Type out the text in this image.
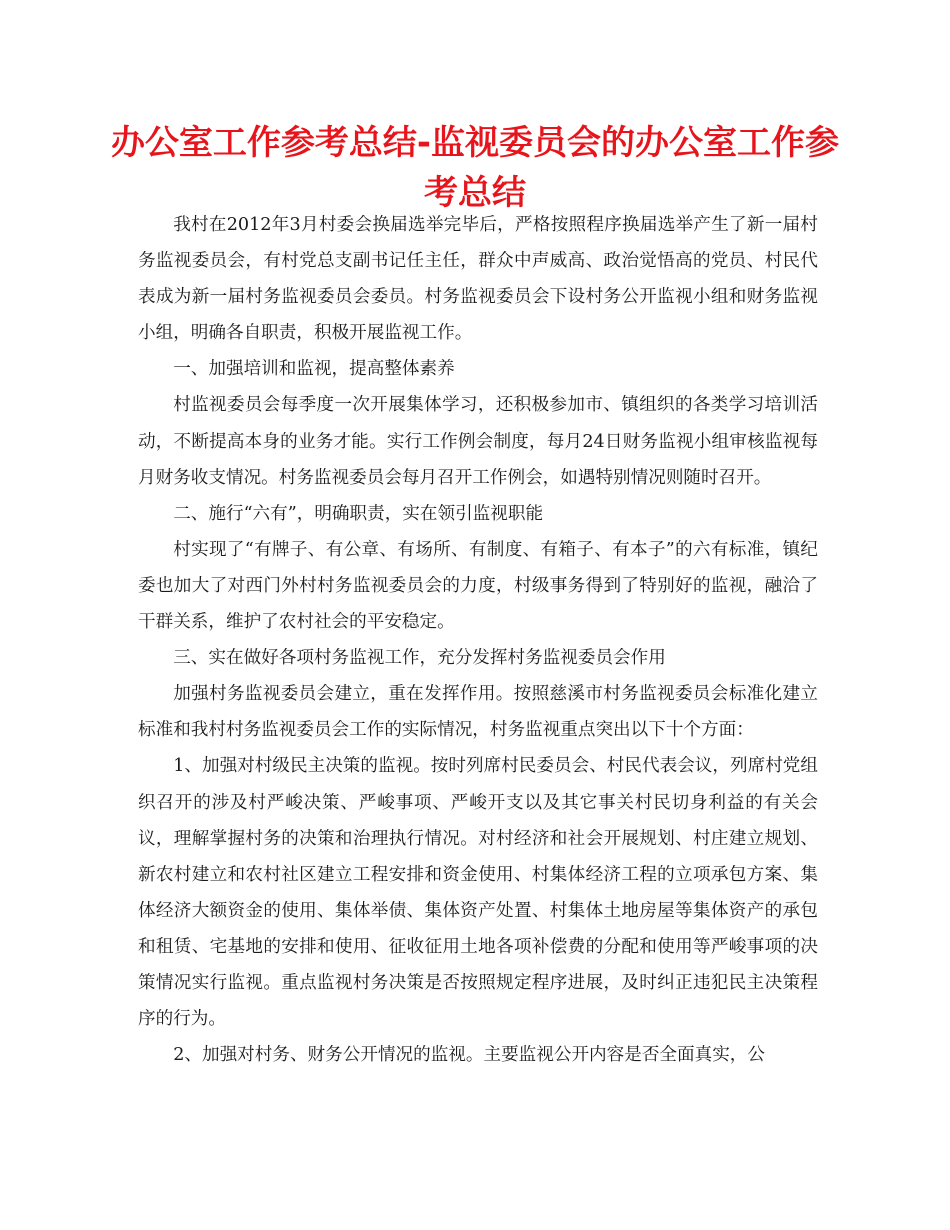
办公室工作参考总结-监视委员会的办公室工作参考总结

我村在2012年3月村委会换届选举完毕后，严格按照程序换届选举产生了新一届村务监视委员会，有村党总支副书记任主任，群众中声威高、政治觉悟高的党员、村民代表成为新一届村务监视委员会委员。村务监视委员会下设村务公开监视小组和财务监视小组，明确各自职责，积极开展监视工作。

一、加强培训和监视，提高整体素养

村监视委员会每季度一次开展集体学习，还积极参加市、镇组织的各类学习培训活动，不断提高本身的业务才能。实行工作例会制度，每月24日财务监视小组审核监视每月财务收支情况。村务监视委员会每月召开工作例会，如遇特别情况则随时召开。

二、施行“六有”，明确职责，实在领引监视职能

村实现了“有牌子、有公章、有场所、有制度、有箱子、有本子”的六有标准，镇纪委也加大了对西门外村村务监视委员会的力度，村级事务得到了特别好的监视，融洽了干群关系，维护了农村社会的平安稳定。

三、实在做好各项村务监视工作，充分发挥村务监视委员会作用

加强村务监视委员会建立，重在发挥作用。按照慈溪市村务监视委员会标准化建立标准和我村村务监视委员会工作的实际情况，村务监视重点突出以下十个方面：

1、加强对村级民主决策的监视。按时列席村民委员会、村民代表会议，列席村党组织召开的涉及村严峻决策、严峻事项、严峻开支以及其它事关村民切身利益的有关会议，理解掌握村务的决策和治理执行情况。对村经济和社会开展规划、村庄建立规划、新农村建立和农村社区建立工程安排和资金使用、村集体经济工程的立项承包方案、集体经济大额资金的使用、集体举债、集体资产处置、村集体土地房屋等集体资产的承包和租赁、宅基地的安排和使用、征收征用土地各项补偿费的分配和使用等严峻事项的决策情况实行监视。重点监视村务决策是否按照规定程序进展，及时纠正违犯民主决策程序的行为。

2、加强对村务、财务公开情况的监视。主要监视公开内容是否全面真实，公
